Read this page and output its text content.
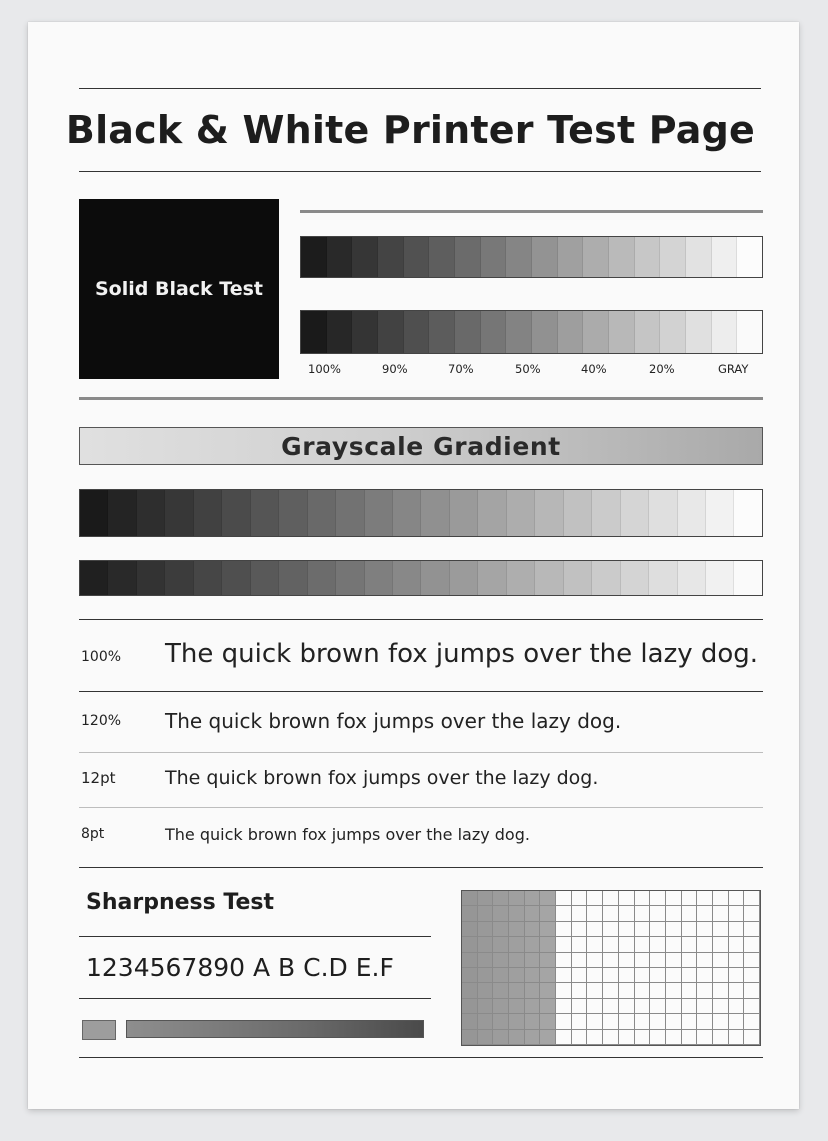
Black & White Printer Test Page
Solid Black Test
100%	90%	70%	50%	40%	20%	GRAY
Grayscale Gradient
100% The quick brown fox jumps over the lazy dog.
120% The quick brown fox jumps over the lazy dog.
12pt	The quick brown fox jumps over the lazy dog.
8pt	The quick brown fox jumps over the lazy dog.
Sharpness Test
1234567890 A B C.D E.F
